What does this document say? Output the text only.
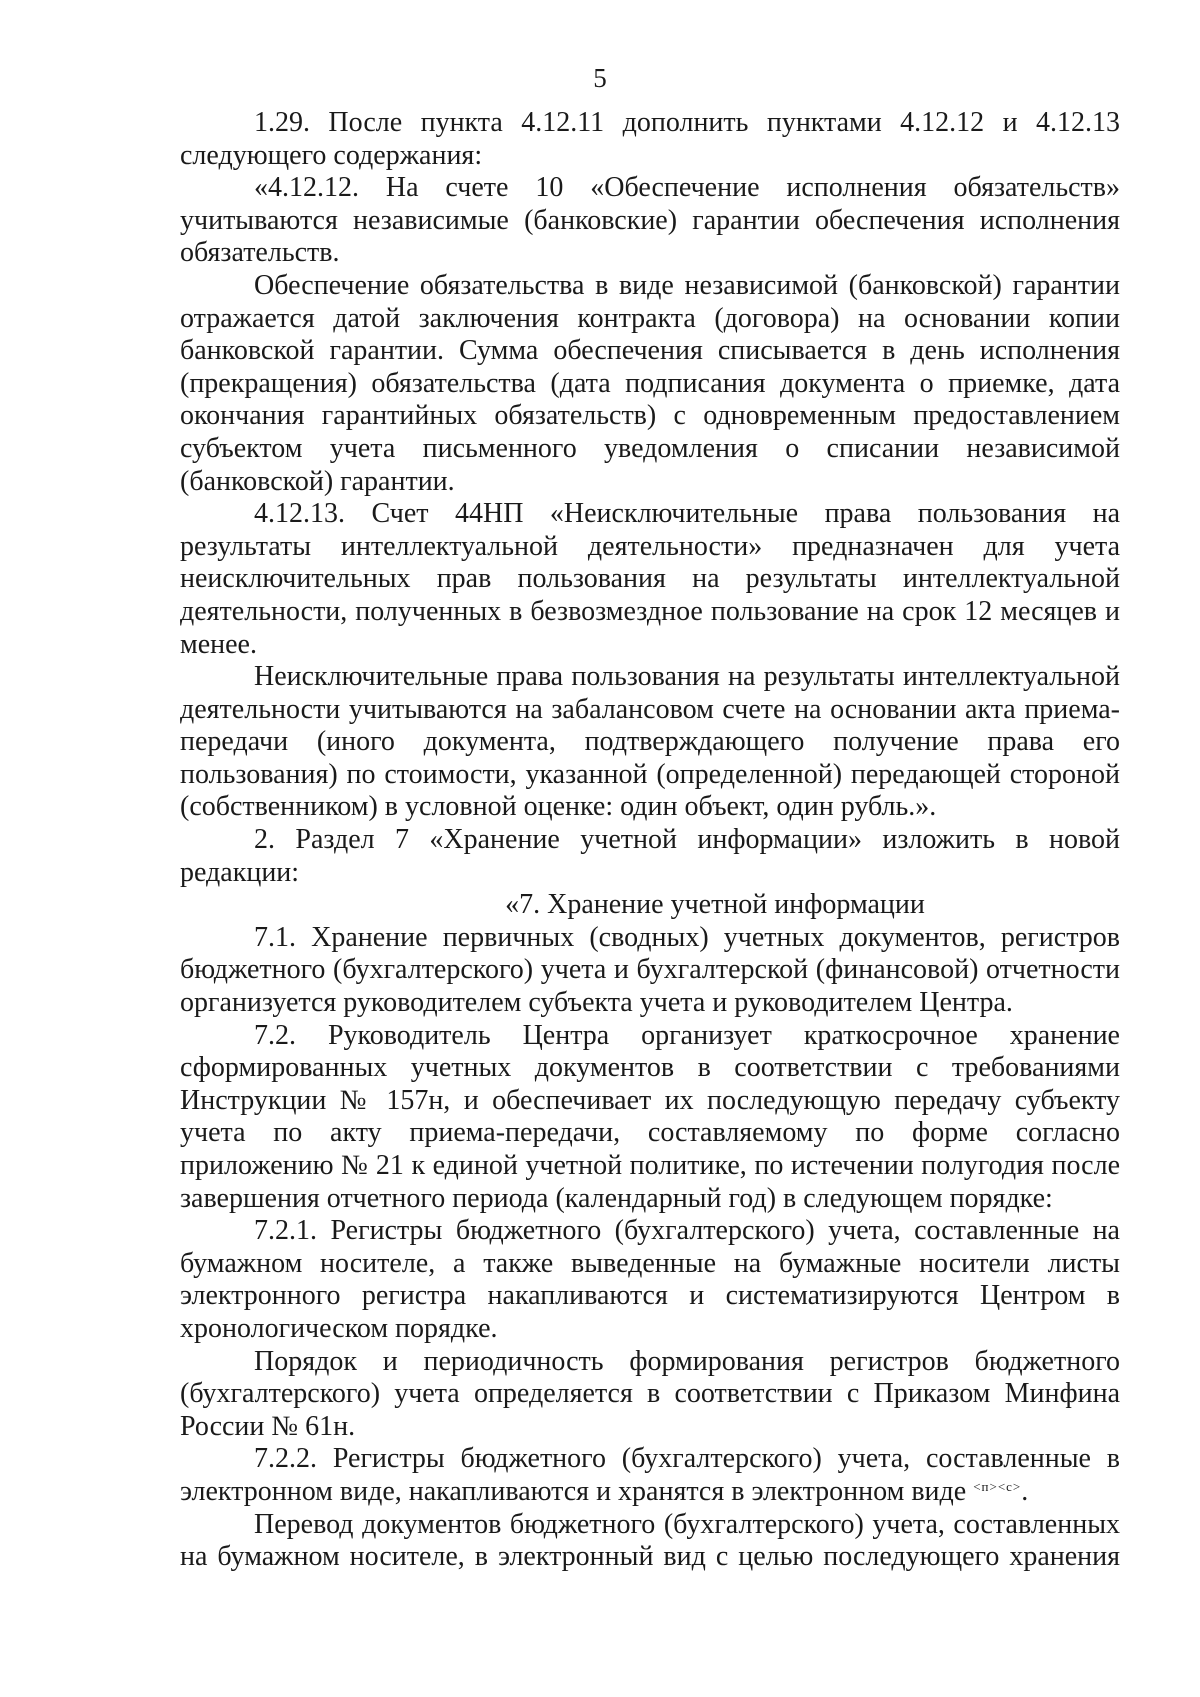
5

1.29. После пункта 4.12.11 дополнить пунктами 4.12.12 и 4.12.13 следующего содержания:

«4.12.12. На счете 10 «Обеспечение исполнения обязательств» учитываются независимые (банковские) гарантии обеспечения исполнения обязательств.

Обеспечение обязательства в виде независимой (банковской) гарантии отражается датой заключения контракта (договора) на основании копии банковской гарантии. Сумма обеспечения списывается в день исполнения (прекращения) обязательства (дата подписания документа о приемке, дата окончания гарантийных обязательств) с одновременным предоставлением субъектом учета письменного уведомления о списании независимой (банковской) гарантии.

4.12.13. Счет 44НП «Неисключительные права пользования на результаты интеллектуальной деятельности» предназначен для учета неисключительных прав пользования на результаты интеллектуальной деятельности, полученных в безвозмездное пользование на срок 12 месяцев и менее.

Неисключительные права пользования на результаты интеллектуальной деятельности учитываются на забалансовом счете на основании акта приема-передачи (иного документа, подтверждающего получение права его пользования) по стоимости, указанной (определенной) передающей стороной (собственником) в условной оценке: один объект, один рубль.».

2. Раздел 7 «Хранение учетной информации» изложить в новой редакции:

«7. Хранение учетной информации

7.1. Хранение первичных (сводных) учетных документов, регистров бюджетного (бухгалтерского) учета и бухгалтерской (финансовой) отчетности организуется руководителем субъекта учета и руководителем Центра.

7.2. Руководитель Центра организует краткосрочное хранение сформированных учетных документов в соответствии с требованиями Инструкции № 157н, и обеспечивает их последующую передачу субъекту учета по акту приема-передачи, составляемому по форме согласно приложению № 21 к единой учетной политике, по истечении полугодия после завершения отчетного периода (календарный год) в следующем порядке:

7.2.1. Регистры бюджетного (бухгалтерского) учета, составленные на бумажном носителе, а также выведенные на бумажные носители листы электронного регистра накапливаются и систематизируются Центром в хронологическом порядке.

Порядок и периодичность формирования регистров бюджетного (бухгалтерского) учета определяется в соответствии с Приказом Минфина России № 61н.

7.2.2. Регистры бюджетного (бухгалтерского) учета, составленные в электронном виде, накапливаются и хранятся в электронном виде $^{<п><с>}$.

Перевод документов бюджетного (бухгалтерского) учета, составленных на бумажном носителе, в электронный вид с целью последующего хранения
